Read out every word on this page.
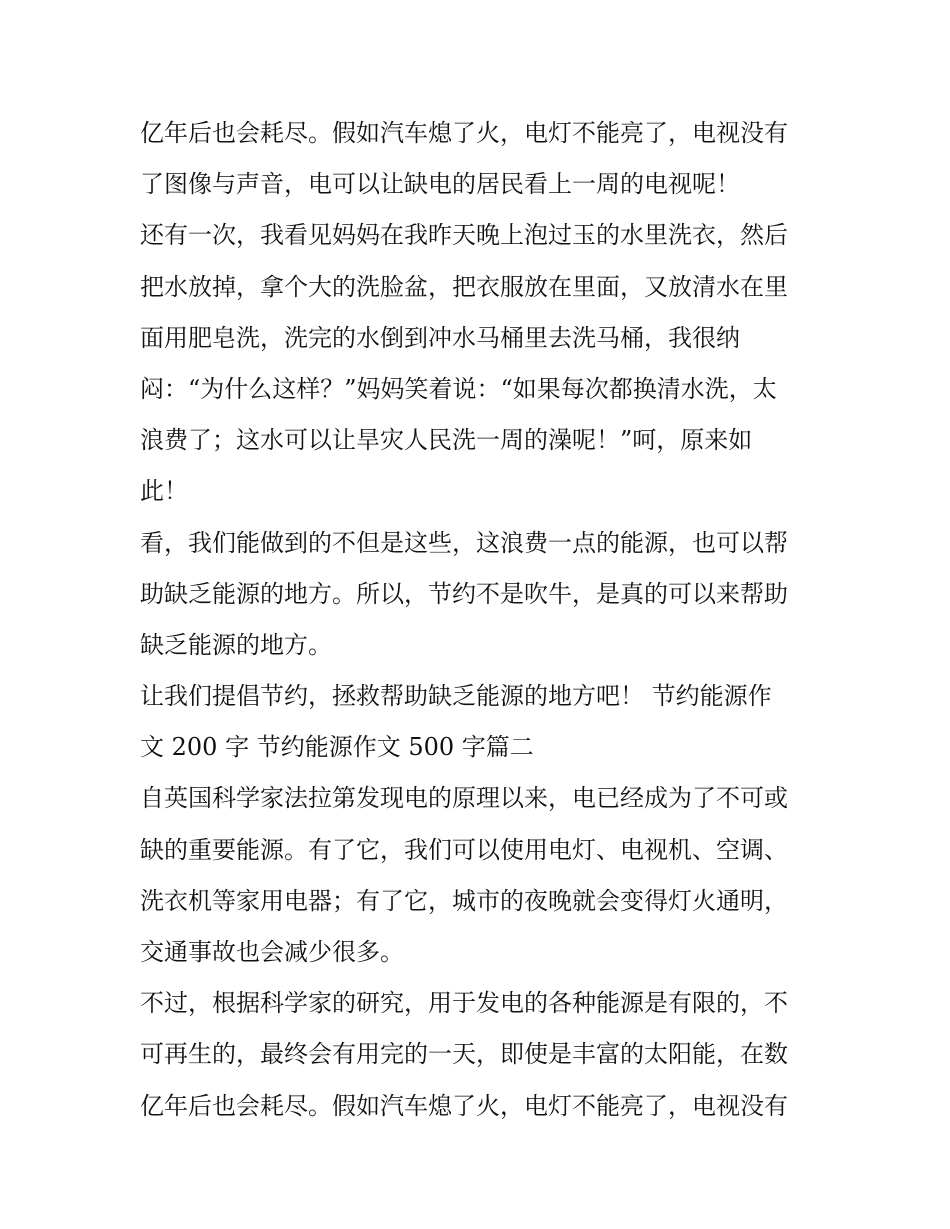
亿年后也会耗尽。假如汽车熄了火，电灯不能亮了，电视没有
了图像与声音，电可以让缺电的居民看上一周的电视呢！
还有一次，我看见妈妈在我昨天晚上泡过玉的水里洗衣，然后
把水放掉，拿个大的洗脸盆，把衣服放在里面，又放清水在里
面用肥皂洗，洗完的水倒到冲水马桶里去洗马桶，我很纳
闷：“为什么这样？”妈妈笑着说：“如果每次都换清水洗，太
浪费了；这水可以让旱灾人民洗一周的澡呢！”呵，原来如
此！
看，我们能做到的不但是这些，这浪费一点的能源，也可以帮
助缺乏能源的地方。所以，节约不是吹牛，是真的可以来帮助
缺乏能源的地方。
让我们提倡节约，拯救帮助缺乏能源的地方吧！ 节约能源作
文 200 字 节约能源作文 500 字篇二
自英国科学家法拉第发现电的原理以来，电已经成为了不可或
缺的重要能源。有了它，我们可以使用电灯、电视机、空调、
洗衣机等家用电器；有了它，城市的夜晚就会变得灯火通明，
交通事故也会减少很多。
不过，根据科学家的研究，用于发电的各种能源是有限的，不
可再生的，最终会有用完的一天，即使是丰富的太阳能，在数
亿年后也会耗尽。假如汽车熄了火，电灯不能亮了，电视没有
